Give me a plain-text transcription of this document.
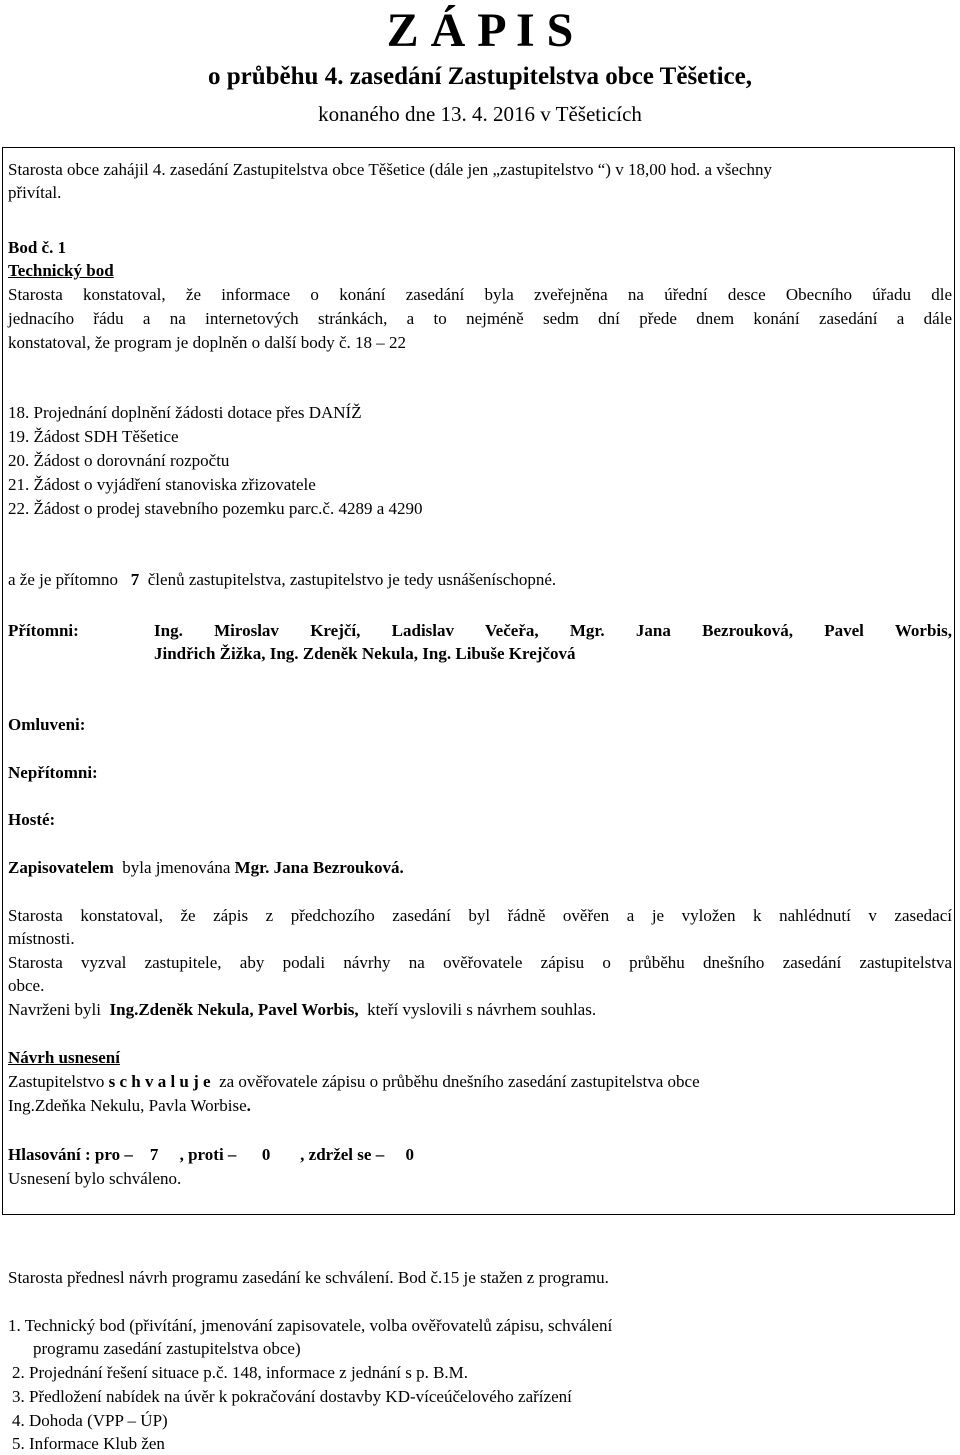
Z Á P I S
o průběhu 4. zasedání Zastupitelstva obce Těšetice,
konaného dne 13. 4. 2016 v Těšeticích
Starosta obce zahájil 4. zasedání Zastupitelstva obce Těšetice (dále jen „zastupitelstvo “) v 18,00 hod. a všechny
přivítal.
Bod č. 1
Technický bod
Starosta konstatoval, že informace o konání zasedání byla zveřejněna na úřední desce Obecního úřadu dle
jednacího řádu a na internetových stránkách, a to nejméně sedm dní přede dnem konání zasedání a dále
konstatoval, že program je doplněn o další body č. 18 – 22
18. Projednání doplnění žádosti dotace přes DANÍŽ
19. Žádost SDH Těšetice
20. Žádost o dorovnání rozpočtu
21. Žádost o vyjádření stanoviska zřizovatele
22. Žádost o prodej stavebního pozemku parc.č. 4289 a 4290
a že je přítomno 7 členů zastupitelstva, zastupitelstvo je tedy usnášeníschopné.
Přítomni:	Ing. Miroslav Krejčí, Ladislav Večeřa, Mgr. Jana Bezrouková, Pavel Worbis,
Jindřich Žižka, Ing. Zdeněk Nekula, Ing. Libuše Krejčová
Omluveni:
Nepřítomni:
Hosté:
Zapisovatelem byla jmenována Mgr. Jana Bezrouková.
Starosta konstatoval, že zápis z předchozího zasedání byl řádně ověřen a je vyložen k nahlédnutí v zasedací
místnosti.
Starosta vyzval zastupitele, aby podali návrhy na ověřovatele zápisu o průběhu dnešního zasedání zastupitelstva
obce.
Navrženi byli Ing.Zdeněk Nekula, Pavel Worbis, kteří vyslovili s návrhem souhlas.
Návrh usnesení
Zastupitelstvo s c h v a l u j e za ověřovatele zápisu o průběhu dnešního zasedání zastupitelstva obce
Ing.Zdeňka Nekulu, Pavla Worbise.
Hlasování : pro – 7 , proti – 0 , zdržel se – 0
Usnesení bylo schváleno.
Starosta přednesl návrh programu zasedání ke schválení. Bod č.15 je stažen z programu.
1. Technický bod (přivítání, jmenování zapisovatele, volba ověřovatelů zápisu, schválení
programu zasedání zastupitelstva obce)
2. Projednání řešení situace p.č. 148, informace z jednání s p. B.M.
3. Předložení nabídek na úvěr k pokračování dostavby KD-víceúčelového zařízení
4. Dohoda (VPP – ÚP)
5. Informace Klub žen
